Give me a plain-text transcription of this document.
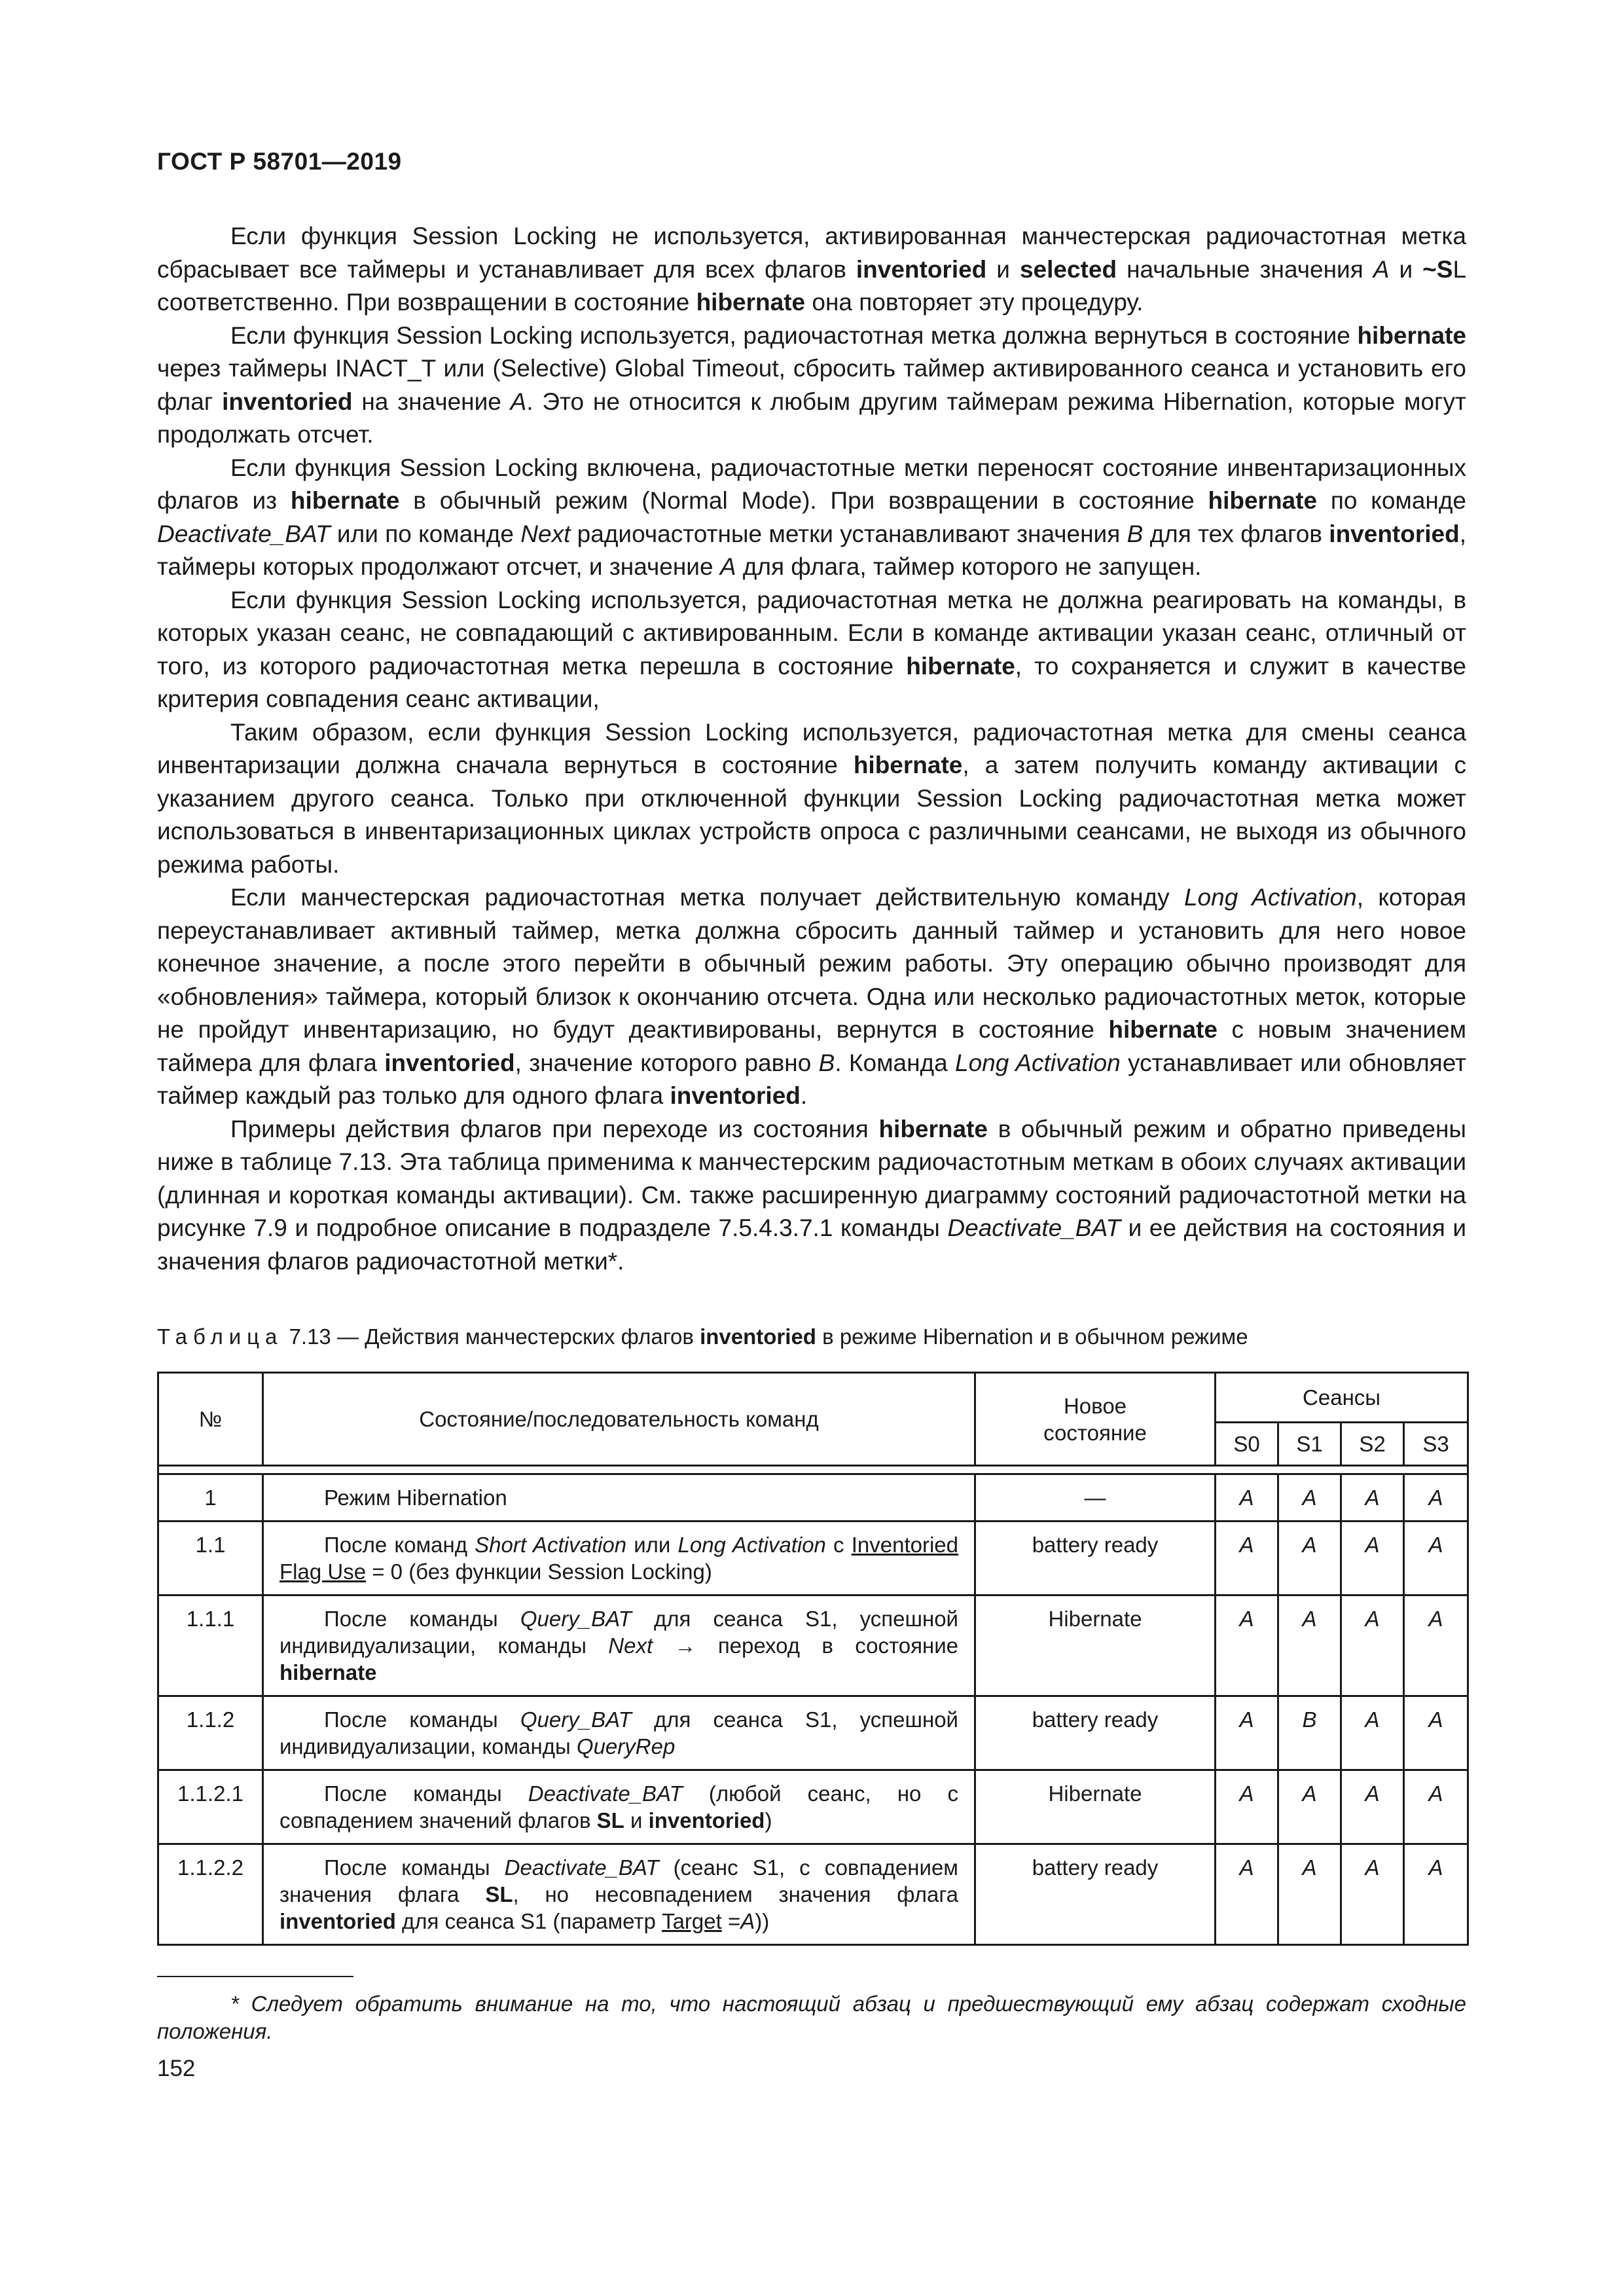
ГОСТ Р 58701—2019

Если функция Session Locking не используется, активированная манчестерская радиочастотная метка сбрасывает все таймеры и устанавливает для всех флагов inventoried и selected начальные значения A и ~SL соответственно. При возвращении в состояние hibernate она повторяет эту процедуру.

Если функция Session Locking используется, радиочастотная метка должна вернуться в состояние hibernate через таймеры INACT_T или (Selective) Global Timeout, сбросить таймер активированного сеанса и установить его флаг inventoried на значение A. Это не относится к любым другим таймерам режима Hibernation, которые могут продолжать отсчет.

Если функция Session Locking включена, радиочастотные метки переносят состояние инвентаризационных флагов из hibernate в обычный режим (Normal Mode). При возвращении в состояние hibernate по команде Deactivate_BAT или по команде Next радиочастотные метки устанавливают значения B для тех флагов inventoried, таймеры которых продолжают отсчет, и значение A для флага, таймер которого не запущен.

Если функция Session Locking используется, радиочастотная метка не должна реагировать на команды, в которых указан сеанс, не совпадающий с активированным. Если в команде активации указан сеанс, отличный от того, из которого радиочастотная метка перешла в состояние hibernate, то сохраняется и служит в качестве критерия совпадения сеанс активации,

Таким образом, если функция Session Locking используется, радиочастотная метка для смены сеанса инвентаризации должна сначала вернуться в состояние hibernate, а затем получить команду активации с указанием другого сеанса. Только при отключенной функции Session Locking радиочастотная метка может использоваться в инвентаризационных циклах устройств опроса с различными сеансами, не выходя из обычного режима работы.

Если манчестерская радиочастотная метка получает действительную команду Long Activation, которая переустанавливает активный таймер, метка должна сбросить данный таймер и установить для него новое конечное значение, а после этого перейти в обычный режим работы. Эту операцию обычно производят для «обновления» таймера, который близок к окончанию отсчета. Одна или несколько радиочастотных меток, которые не пройдут инвентаризацию, но будут деактивированы, вернутся в состояние hibernate с новым значением таймера для флага inventoried, значение которого равно B. Команда Long Activation устанавливает или обновляет таймер каждый раз только для одного флага inventoried.

Примеры действия флагов при переходе из состояния hibernate в обычный режим и обратно приведены ниже в таблице 7.13. Эта таблица применима к манчестерским радиочастотным меткам в обоих случаях активации (длинная и короткая команды активации). См. также расширенную диаграмму состояний радиочастотной метки на рисунке 7.9 и подробное описание в подразделе 7.5.4.3.7.1 команды Deactivate_BAT и ее действия на состояния и значения флагов радиочастотной метки*.

Таблица 7.13 — Действия манчестерских флагов inventoried в режиме Hibernation и в обычном режиме
№	Состояние/последовательность команд	Новое состояние	Сеансы			
			S0	S1	S2	S3

1	Режим Hibernation	—	A	A	A	A
1.1	После команд Short Activation или Long Activation с Inventoried Flag Use = 0 (без функции Session Locking)	battery ready	A	A	A	A
1.1.1	После команды Query_BAT для сеанса S1, успешной индивидуализации, команды Next → переход в состояние hibernate	Hibernate	A	A	A	A
1.1.2	После команды Query_BAT для сеанса S1, успешной индивидуализации, команды QueryRep	battery ready	A	B	A	A
1.1.2.1	После команды Deactivate_BAT (любой сеанс, но с совпадением значений флагов SL и inventoried)	Hibernate	A	A	A	A
1.1.2.2	После команды Deactivate_BAT (сеанс S1, с совпадением значения флага SL, но несовпадением значения флага inventoried для сеанса S1 (параметр Target =A))	battery ready	A	A	A	A
* Следует обратить внимание на то, что настоящий абзац и предшествующий ему абзац содержат сходные положения.
152
